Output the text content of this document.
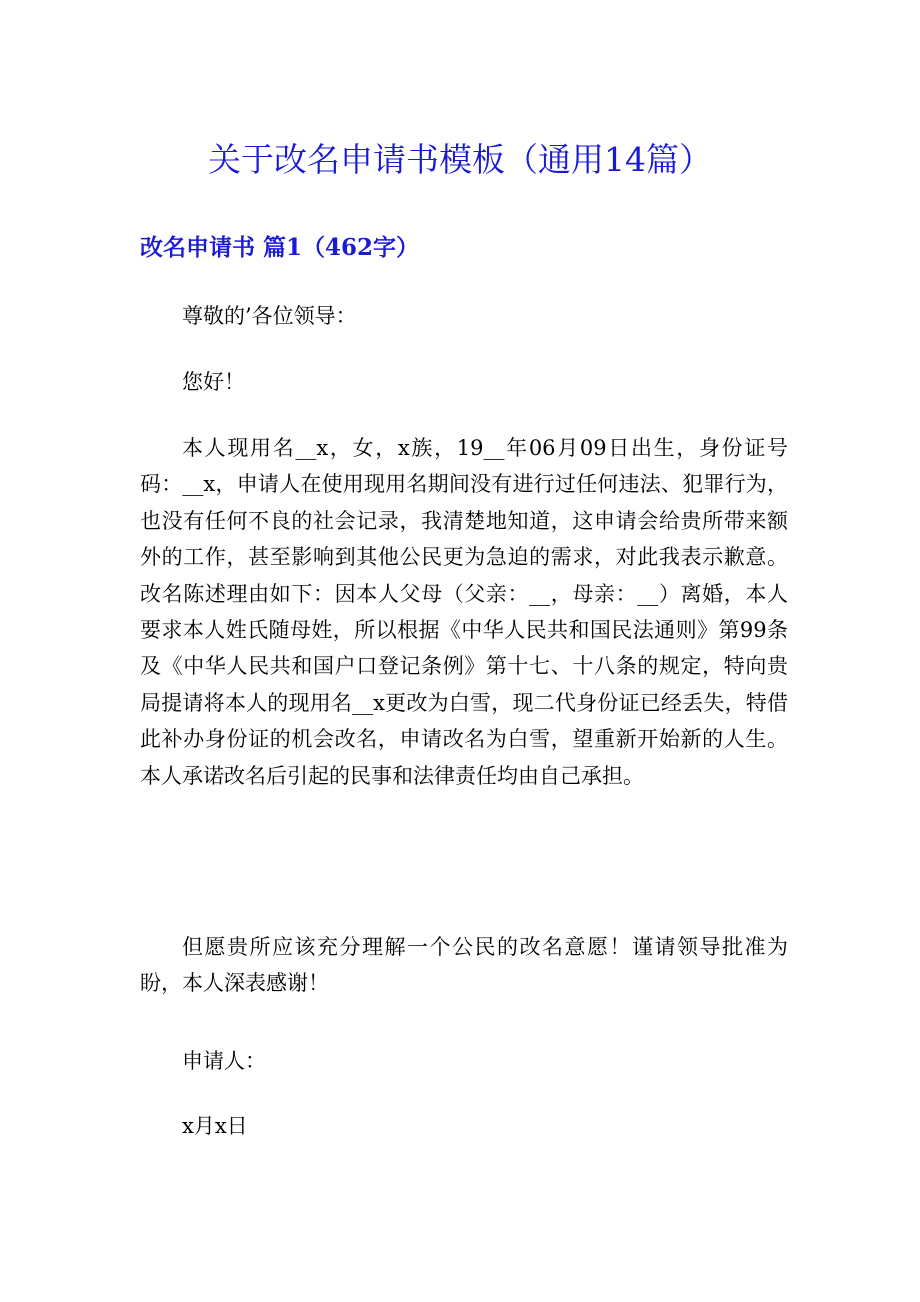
关于改名申请书模板（通用14篇）
改名申请书 篇1（462字）

尊敬的’各位领导：

您好！

本人现用名__x，女，x族，19__年06月09日出生，身份证号码：__x，申请人在使用现用名期间没有进行过任何违法、犯罪行为，也没有任何不良的社会记录，我清楚地知道，这申请会给贵所带来额外的工作，甚至影响到其他公民更为急迫的需求，对此我表示歉意。改名陈述理由如下：因本人父母（父亲：__，母亲：__）离婚，本人要求本人姓氏随母姓，所以根据《中华人民共和国民法通则》第99条及《中华人民共和国户口登记条例》第十七、十八条的规定，特向贵局提请将本人的现用名__x更改为白雪，现二代身份证已经丢失，特借此补办身份证的机会改名，申请改名为白雪，望重新开始新的人生。本人承诺改名后引起的民事和法律责任均由自己承担。

但愿贵所应该充分理解一个公民的改名意愿！谨请领导批准为盼，本人深表感谢！

申请人：

x月x日
